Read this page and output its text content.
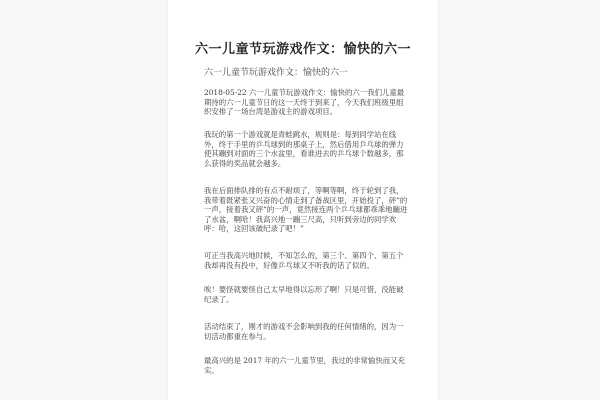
六一儿童节玩游戏作文：愉快的六一
六一儿童节玩游戏作文：愉快的六一

2018-05-22 六一儿童节玩游戏作文：愉快的六一我们儿童最期待的六一儿童节日的这一天终于到来了，今天我们班级里组织安排了一场台湾是游戏主的游戏项目。

我玩的第一个游戏就是青蛙跳水，规则是：每到同学站在线外，终于手里的乒乓球到的那桌子上，然后借用乒乓球的弹力使其蹦到对面的三个水盆里，看谁进去的乒乓球个数越多，那么获得的奖品就会越多。

我在后面排队排的有点不耐烦了，等啊等啊，终于轮到了我，我带着既紧张又兴奋的心情走到了备战区里，开始投了，砰”的一声，接着我又砰”的一声，竟然接连两个乒乓球都乖乖地蹦进了水盆，啊哈！我高兴地一蹦三尺高，只听到旁边的同学欢呼：哈，这回该破纪录了吧！”

可正当我高兴地时候，不知怎么的，第三个、第四个、第五个我却再没有投中，好像乒乓球又不听我的话了似的。

唉！要怪就要怪自己太早地得以忘形了啊！只是可惜，没能破纪录了。

活动结束了，刚才的游戏不会影响到我的任何情绪的，因为一切活动都重在参与。

最高兴的是 2017 年的六一儿童节里，我过的非常愉快而又充实。
